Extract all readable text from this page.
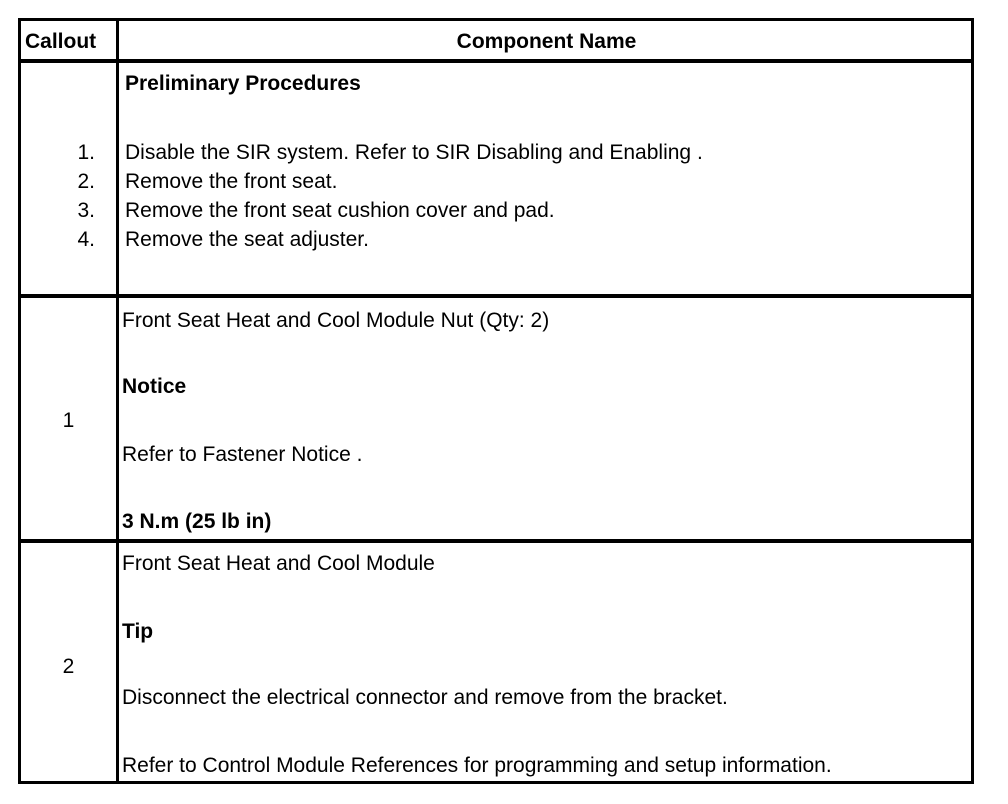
Callout	Component Name
Preliminary Procedures
1. Disable the SIR system. Refer to SIR Disabling and Enabling .
2. Remove the front seat.
3. Remove the front seat cushion cover and pad.
4. Remove the seat adjuster.
1
Front Seat Heat and Cool Module Nut (Qty: 2)
Notice
Refer to Fastener Notice .
3 N.m (25 lb in)
2
Front Seat Heat and Cool Module
Tip
Disconnect the electrical connector and remove from the bracket.
Refer to Control Module References for programming and setup information.
